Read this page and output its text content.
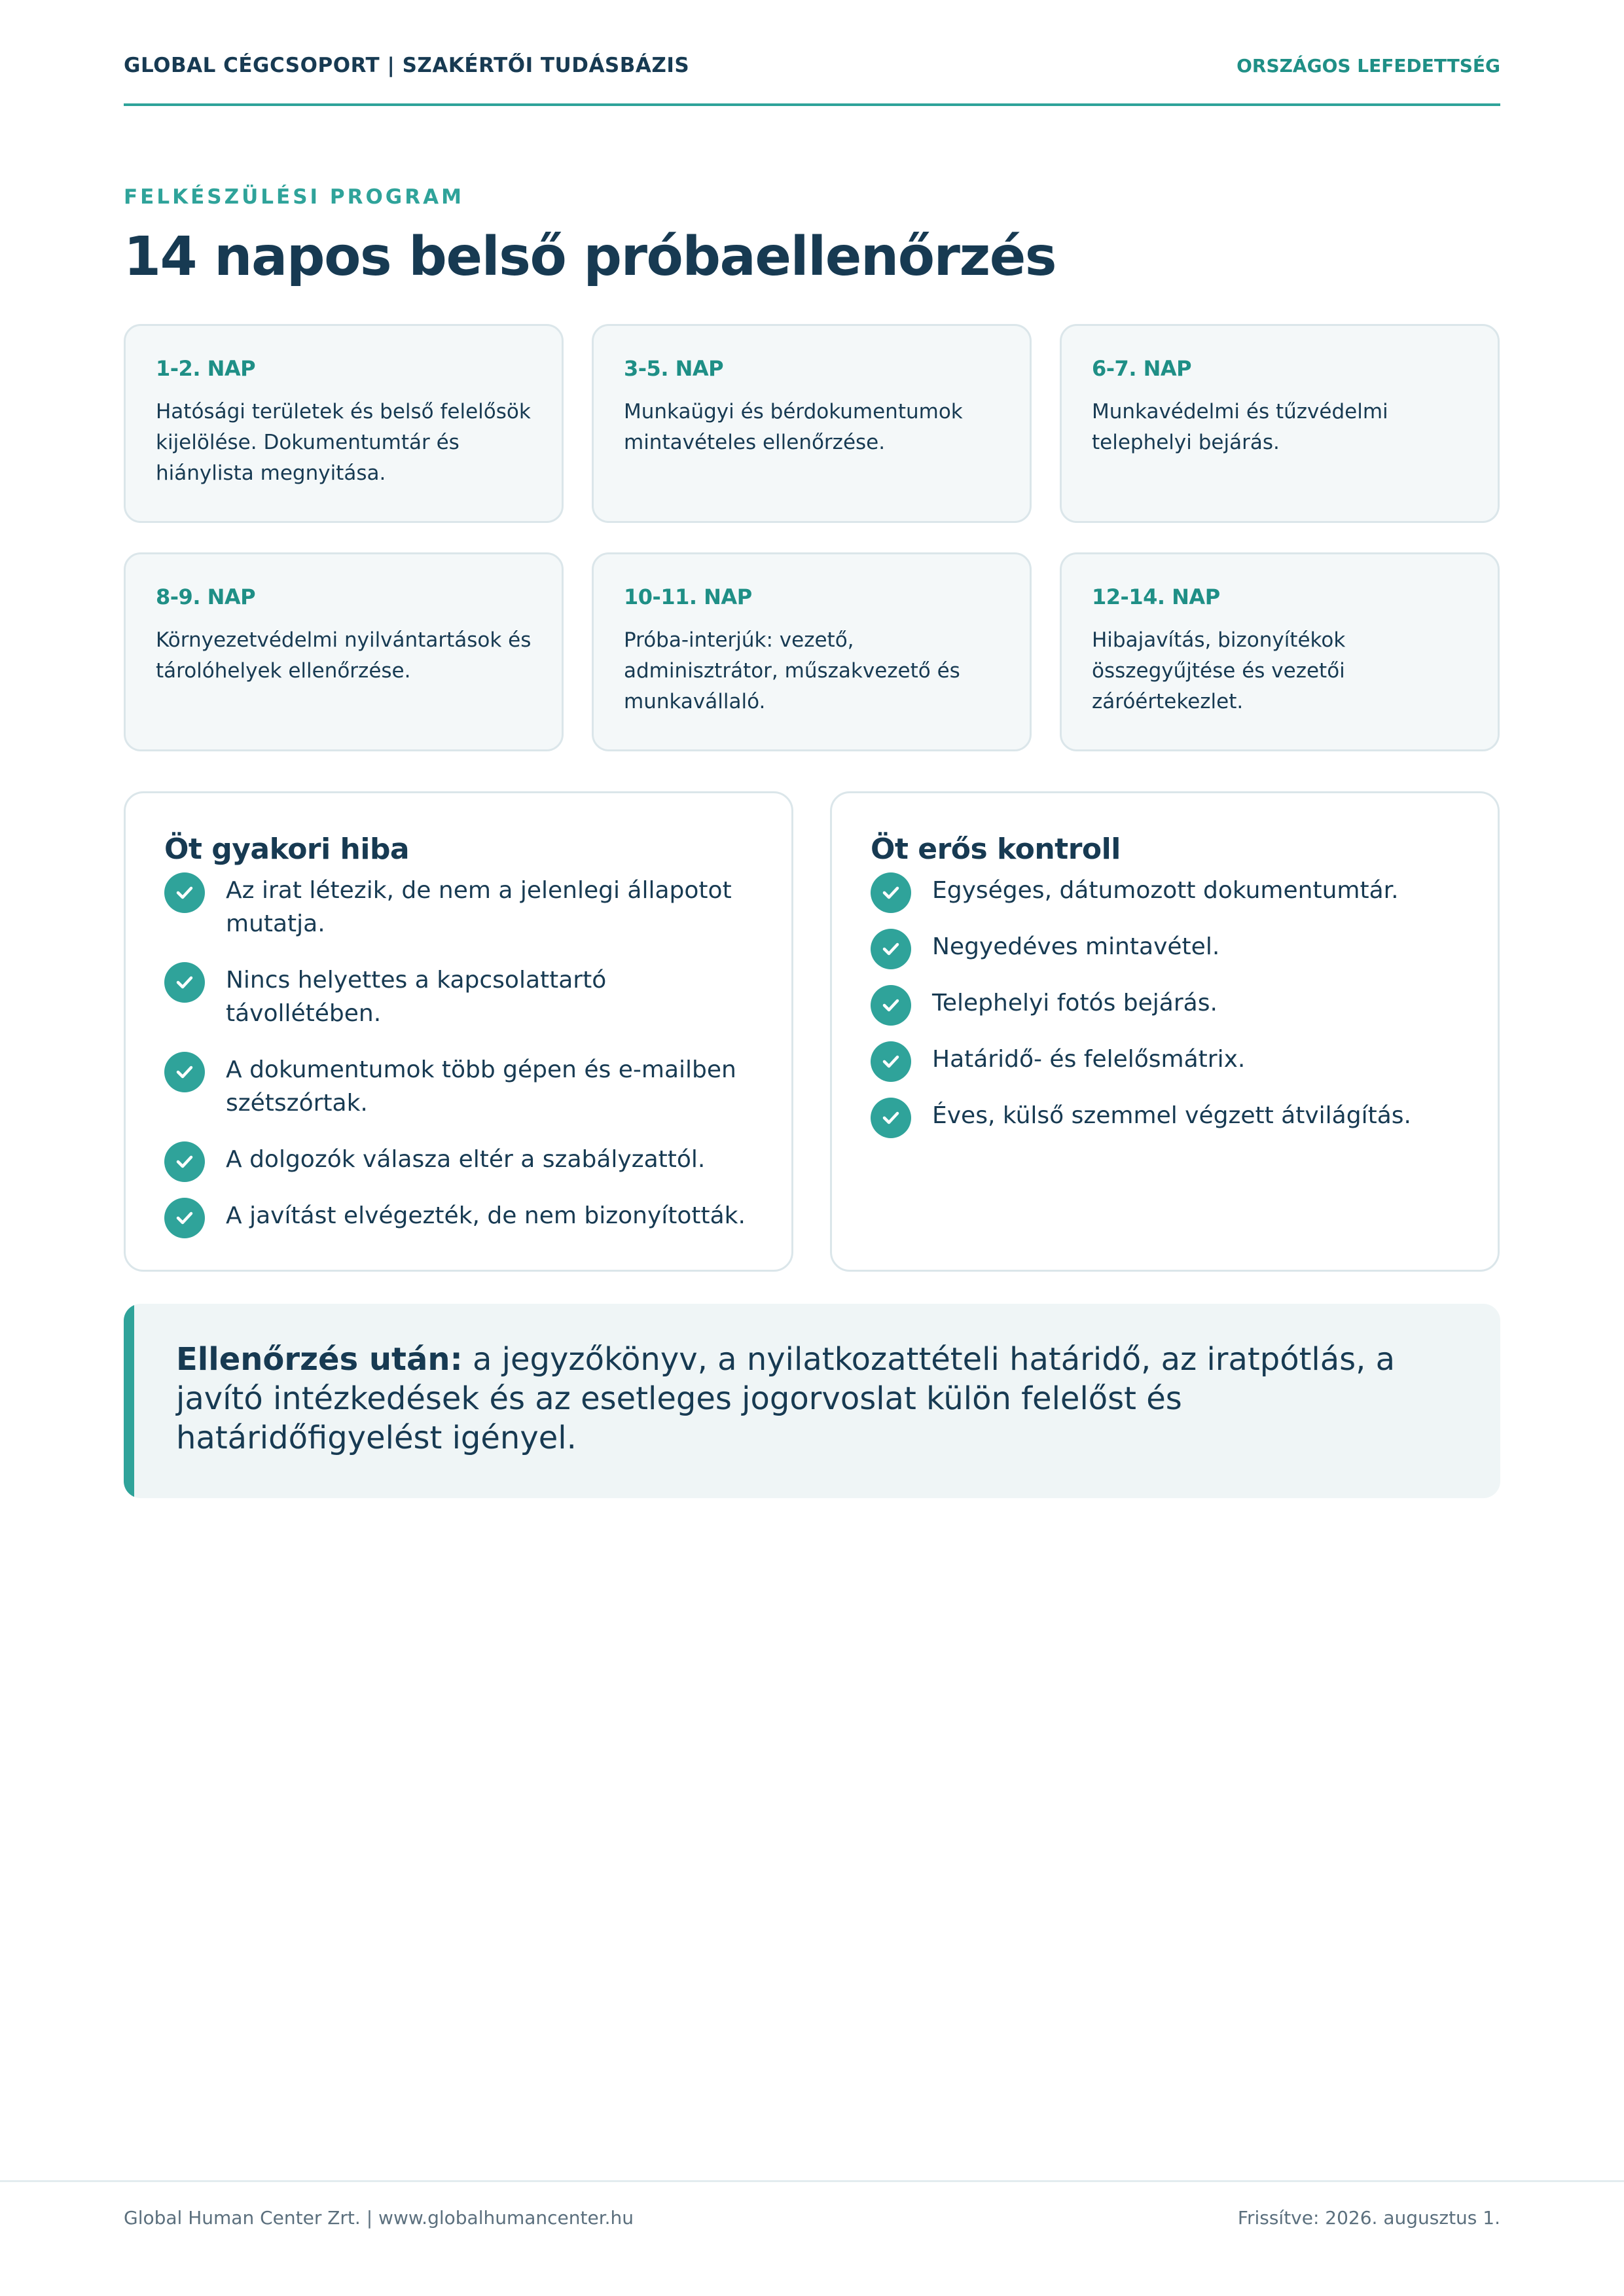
GLOBAL CÉGCSOPORT | SZAKÉRTŐI TUDÁSBÁZIS	ORSZÁGOS LEFEDETTSÉG
FELKÉSZÜLÉSI PROGRAM
14 napos belső próbaellenőrzés
1-2. NAP
Hatósági területek és belső felelősök kijelölése. Dokumentumtár és hiánylista megnyitása.
3-5. NAP
Munkaügyi és bérdokumentumok mintavételes ellenőrzése.
6-7. NAP
Munkavédelmi és tűzvédelmi telephelyi bejárás.
8-9. NAP
Környezetvédelmi nyilvántartások és tárolóhelyek ellenőrzése.
10-11. NAP
Próba-interjúk: vezető, adminisztrátor, műszakvezető és munkavállaló.
12-14. NAP
Hibajavítás, bizonyítékok összegyűjtése és vezetői záróértekezlet.
Öt gyakori hiba
Az irat létezik, de nem a jelenlegi állapotot mutatja.
Nincs helyettes a kapcsolattartó távollétében.
A dokumentumok több gépen és e-mailben szétszórtak.
A dolgozók válasza eltér a szabályzattól.
A javítást elvégezték, de nem bizonyították.
Öt erős kontroll
Egységes, dátumozott dokumentumtár.
Negyedéves mintavétel.
Telephelyi fotós bejárás.
Határidő- és felelősmátrix.
Éves, külső szemmel végzett átvilágítás.
Ellenőrzés után: a jegyzőkönyv, a nyilatkozattételi határidő, az iratpótlás, a javító intézkedések és az esetleges jogorvoslat külön felelőst és határidőfigyelést igényel.
Global Human Center Zrt. | www.globalhumancenter.hu	Frissítve: 2026. augusztus 1.
